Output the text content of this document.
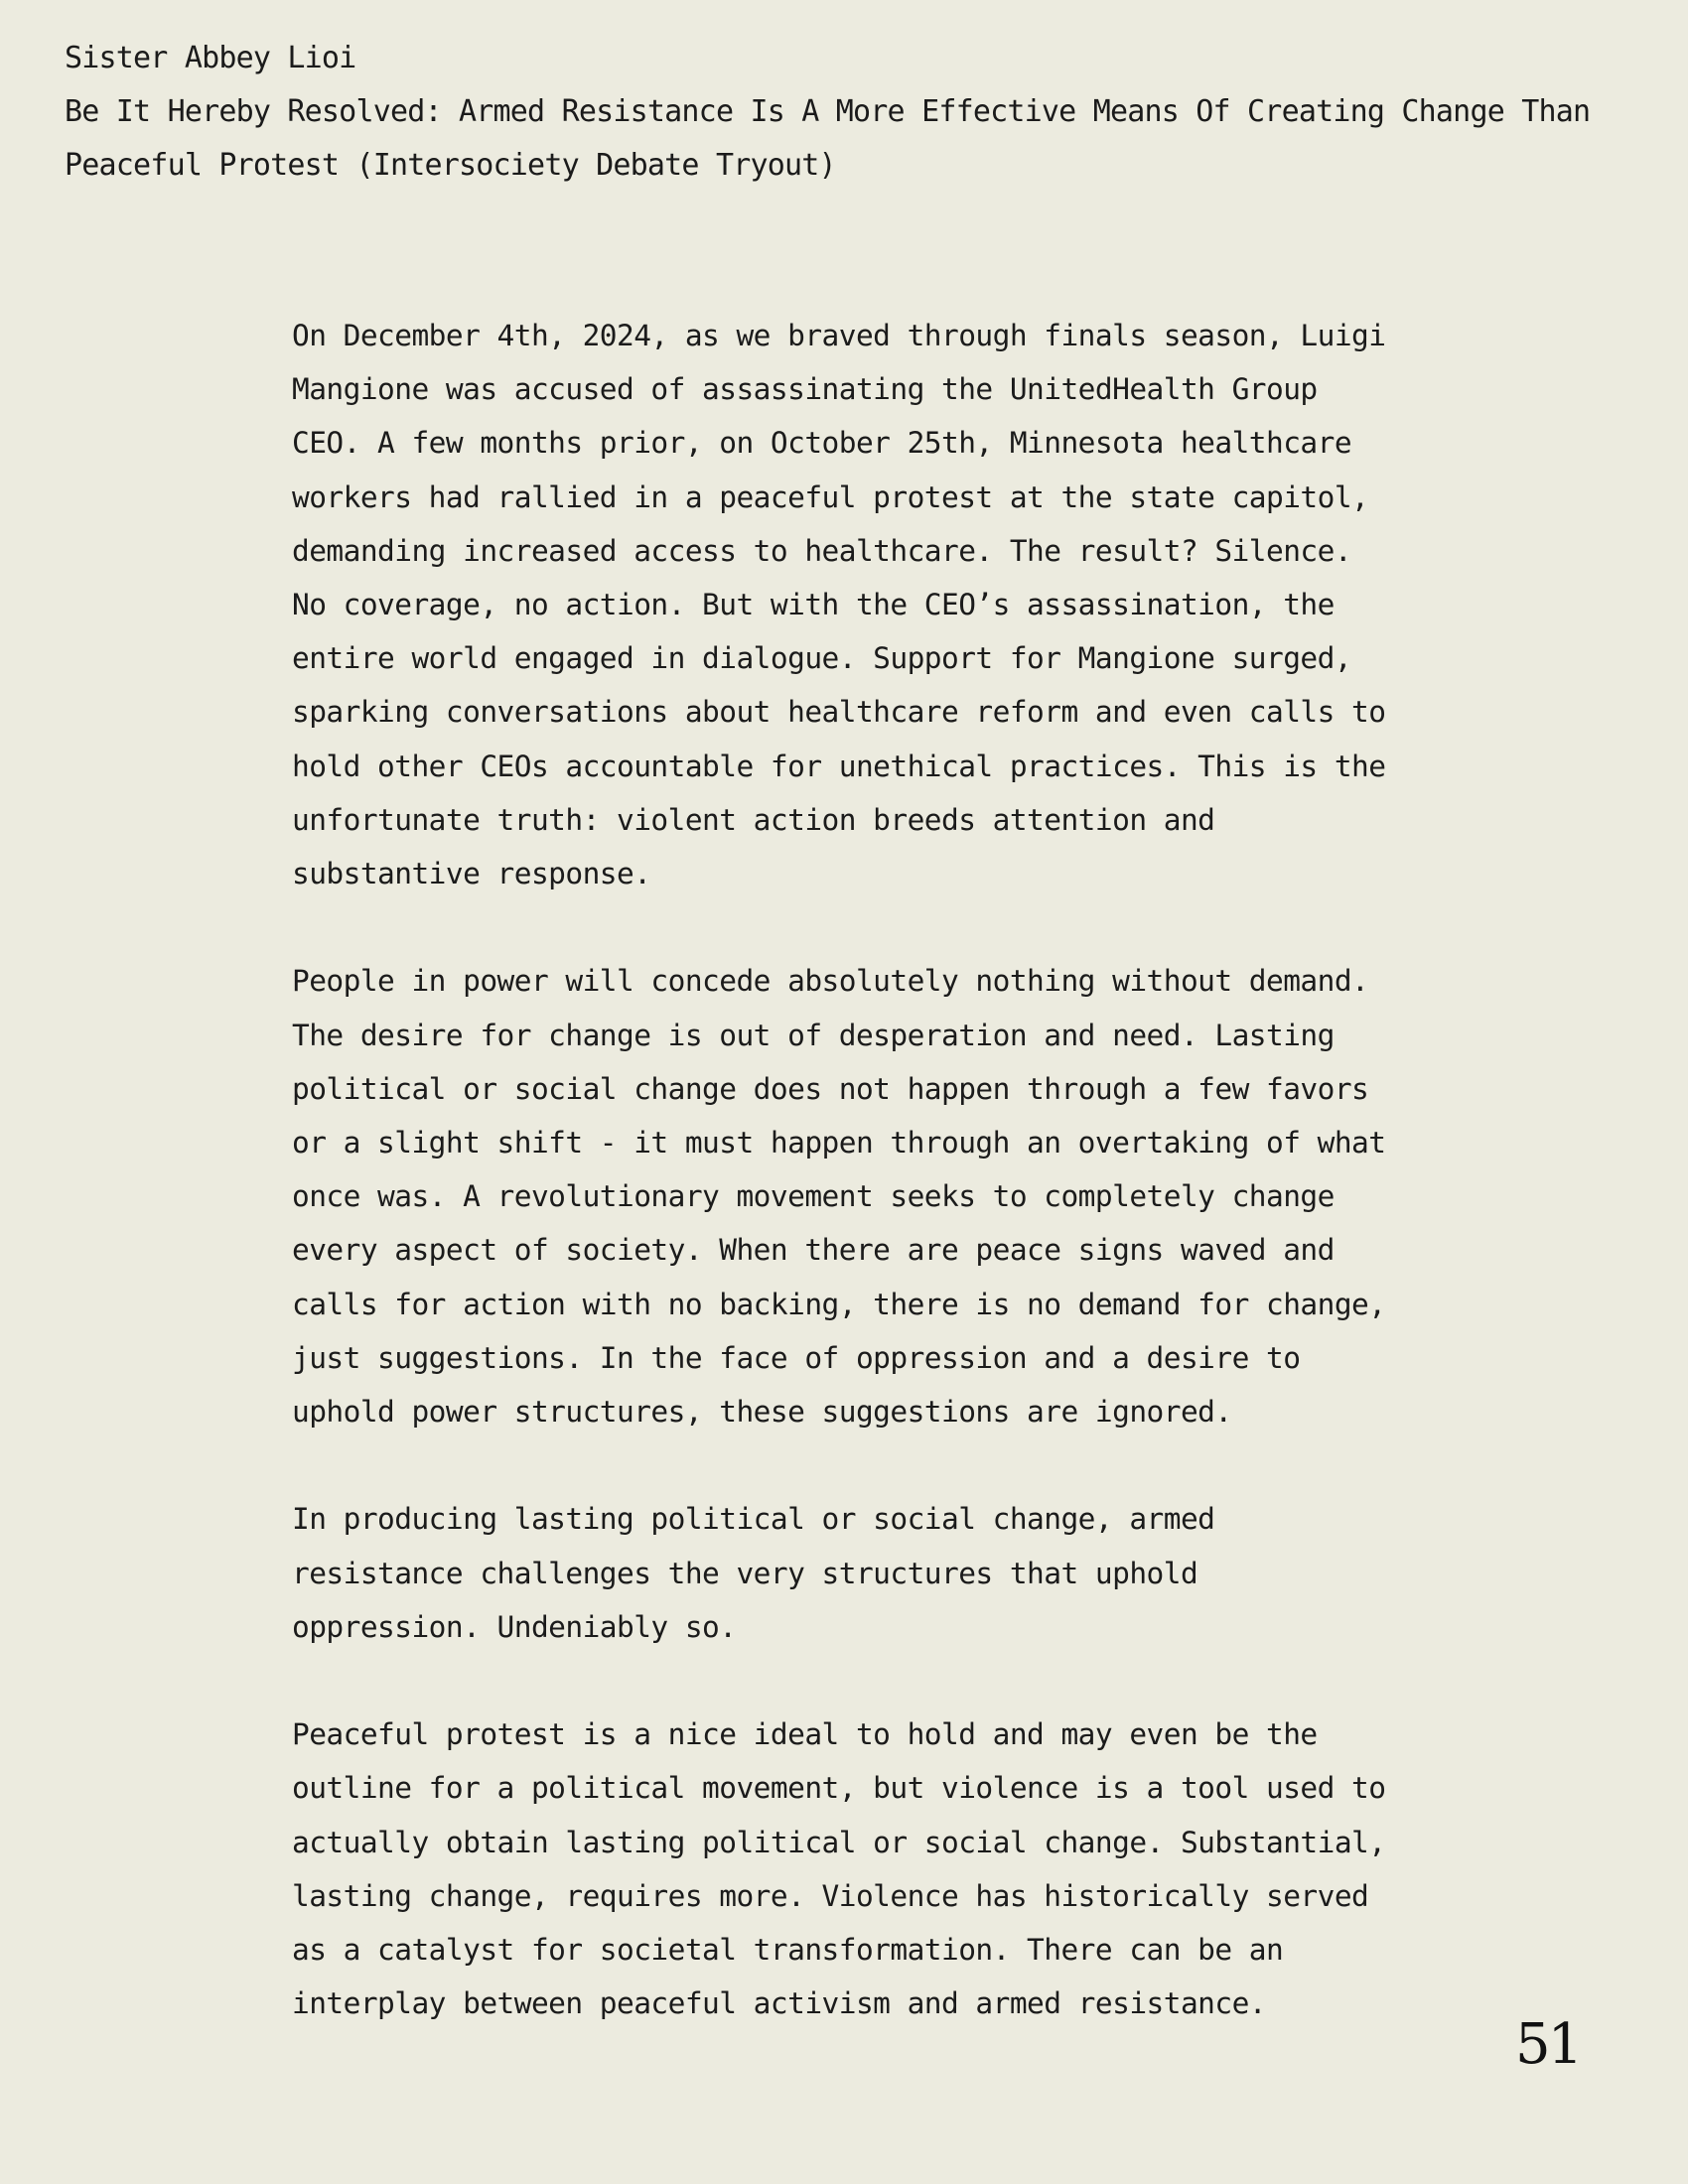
Sister Abbey Lioi
Be It Hereby Resolved: Armed Resistance Is A More Effective Means Of Creating Change Than
Peaceful Protest (Intersociety Debate Tryout)
On December 4th, 2024, as we braved through finals season, Luigi
Mangione was accused of assassinating the UnitedHealth Group
CEO. A few months prior, on October 25th, Minnesota healthcare
workers had rallied in a peaceful protest at the state capitol,
demanding increased access to healthcare. The result? Silence.
No coverage, no action. But with the CEO’s assassination, the
entire world engaged in dialogue. Support for Mangione surged,
sparking conversations about healthcare reform and even calls to
hold other CEOs accountable for unethical practices. This is the
unfortunate truth: violent action breeds attention and
substantive response.
People in power will concede absolutely nothing without demand.
The desire for change is out of desperation and need. Lasting
political or social change does not happen through a few favors
or a slight shift - it must happen through an overtaking of what
once was. A revolutionary movement seeks to completely change
every aspect of society. When there are peace signs waved and
calls for action with no backing, there is no demand for change,
just suggestions. In the face of oppression and a desire to
uphold power structures, these suggestions are ignored.
In producing lasting political or social change, armed
resistance challenges the very structures that uphold
oppression. Undeniably so.
Peaceful protest is a nice ideal to hold and may even be the
outline for a political movement, but violence is a tool used to
actually obtain lasting political or social change. Substantial,
lasting change, requires more. Violence has historically served
as a catalyst for societal transformation. There can be an
interplay between peaceful activism and armed resistance.
51
